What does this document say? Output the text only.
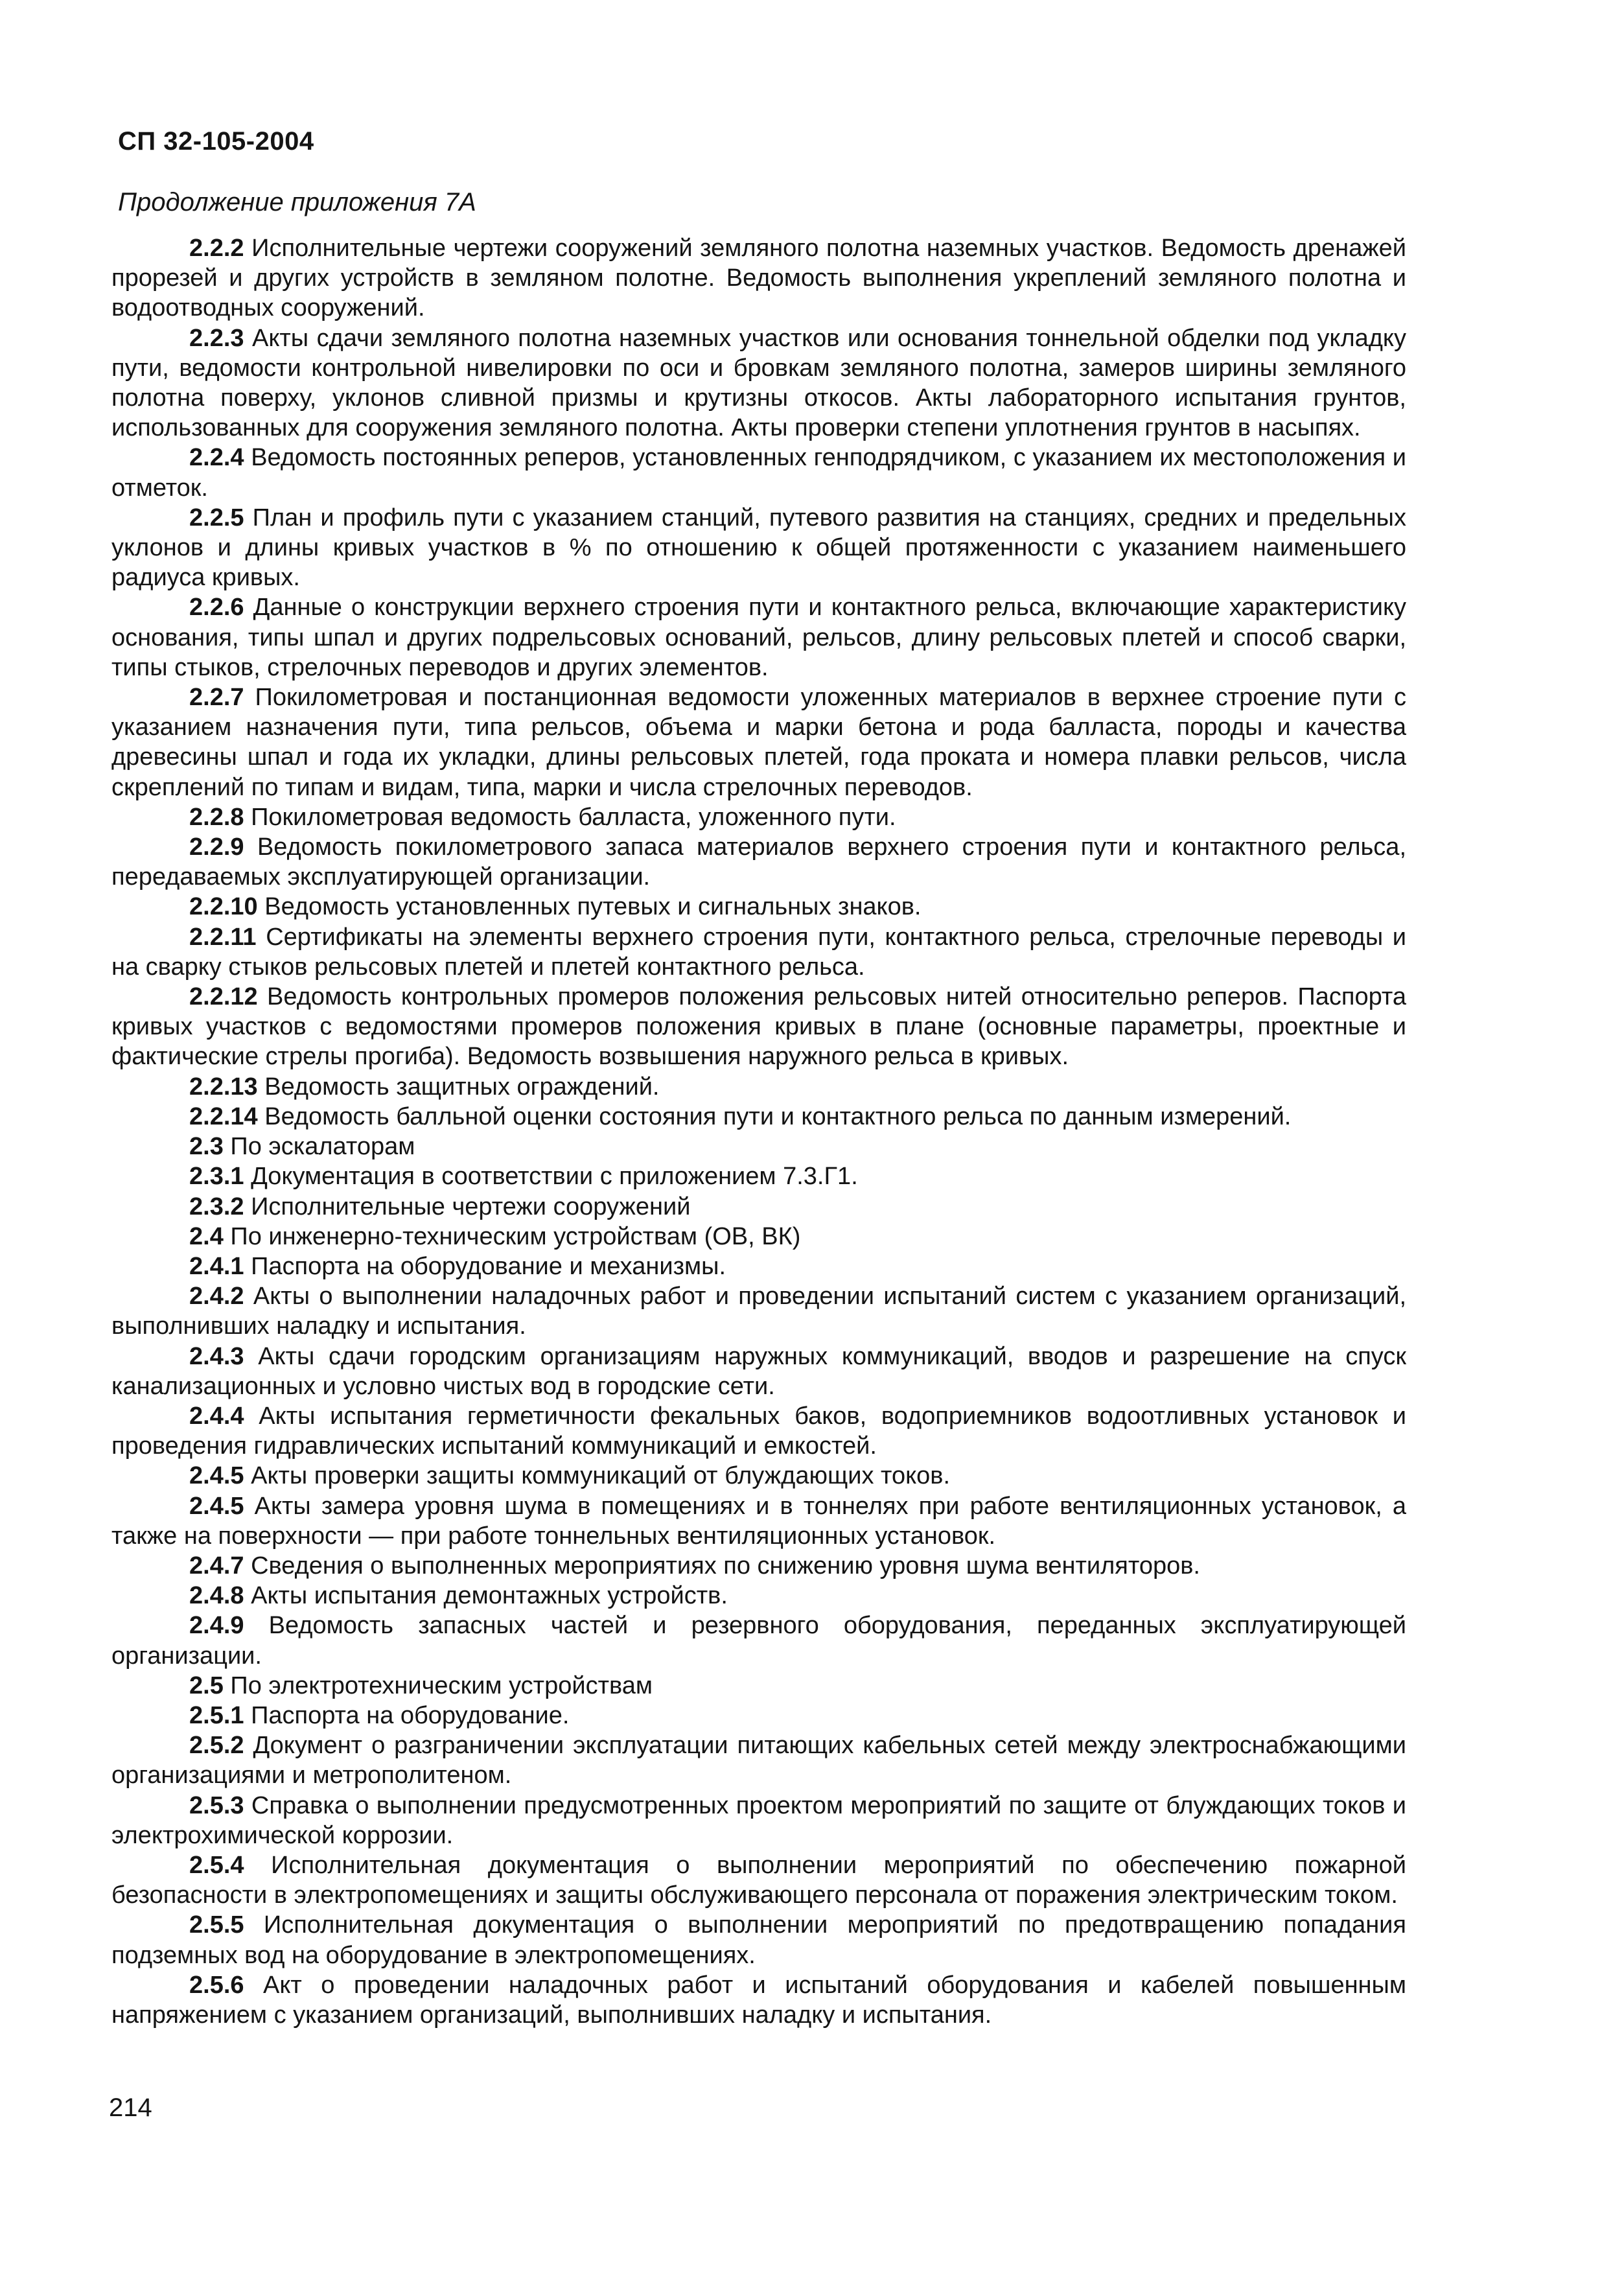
СП 32-105-2004

Продолжение приложения 7А

2.2.2 Исполнительные чертежи сооружений земляного полотна наземных участков. Ведомость дренажей прорезей и других устройств в земляном полотне. Ведомость выполнения укреплений земляного полотна и водоотводных сооружений.

2.2.3 Акты сдачи земляного полотна наземных участков или основания тоннельной обделки под укладку пути, ведомости контрольной нивелировки по оси и бровкам земляного полотна, замеров ширины земляного полотна поверху, уклонов сливной призмы и крутизны откосов. Акты лабораторного испытания грунтов, использованных для сооружения земляного полотна. Акты проверки степени уплотнения грунтов в насыпях.

2.2.4 Ведомость постоянных реперов, установленных генподрядчиком, с указанием их местоположения и отметок.

2.2.5 План и профиль пути с указанием станций, путевого развития на станциях, средних и предельных уклонов и длины кривых участков в % по отношению к общей протяженности с указанием наименьшего радиуса кривых.

2.2.6 Данные о конструкции верхнего строения пути и контактного рельса, включающие характеристику основания, типы шпал и других подрельсовых оснований, рельсов, длину рельсовых плетей и способ сварки, типы стыков, стрелочных переводов и других элементов.

2.2.7 Покилометровая и постанционная ведомости уложенных материалов в верхнее строение пути с указанием назначения пути, типа рельсов, объема и марки бетона и рода балласта, породы и качества древесины шпал и года их укладки, длины рельсовых плетей, года проката и номера плавки рельсов, числа скреплений по типам и видам, типа, марки и числа стрелочных переводов.

2.2.8 Покилометровая ведомость балласта, уложенного пути.

2.2.9 Ведомость покилометрового запаса материалов верхнего строения пути и контактного рельса, передаваемых эксплуатирующей организации.

2.2.10 Ведомость установленных путевых и сигнальных знаков.

2.2.11 Сертификаты на элементы верхнего строения пути, контактного рельса, стрелочные переводы и на сварку стыков рельсовых плетей и плетей контактного рельса.

2.2.12 Ведомость контрольных промеров положения рельсовых нитей относительно реперов. Паспорта кривых участков с ведомостями промеров положения кривых в плане (основные параметры, проектные и фактические стрелы прогиба). Ведомость возвышения наружного рельса в кривых.

2.2.13 Ведомость защитных ограждений.

2.2.14 Ведомость балльной оценки состояния пути и контактного рельса по данным измерений.

2.3 По эскалаторам

2.3.1 Документация в соответствии с приложением 7.3.Г1.

2.3.2 Исполнительные чертежи сооружений

2.4 По инженерно-техническим устройствам (ОВ, ВК)

2.4.1 Паспорта на оборудование и механизмы.

2.4.2 Акты о выполнении наладочных работ и проведении испытаний систем с указанием организаций, выполнивших наладку и испытания.

2.4.3 Акты сдачи городским организациям наружных коммуникаций, вводов и разрешение на спуск канализационных и условно чистых вод в городские сети.

2.4.4 Акты испытания герметичности фекальных баков, водоприемников водоотливных установок и проведения гидравлических испытаний коммуникаций и емкостей.

2.4.5 Акты проверки защиты коммуникаций от блуждающих токов.

2.4.5 Акты замера уровня шума в помещениях и в тоннелях при работе вентиляционных установок, а также на поверхности — при работе тоннельных вентиляционных установок.

2.4.7 Сведения о выполненных мероприятиях по снижению уровня шума вентиляторов.

2.4.8 Акты испытания демонтажных устройств.

2.4.9 Ведомость запасных частей и резервного оборудования, переданных эксплуатирующей организации.

2.5 По электротехническим устройствам

2.5.1 Паспорта на оборудование.

2.5.2 Документ о разграничении эксплуатации питающих кабельных сетей между электроснабжающими организациями и метрополитеном.

2.5.3 Справка о выполнении предусмотренных проектом мероприятий по защите от блуждающих токов и электрохимической коррозии.

2.5.4 Исполнительная документация о выполнении мероприятий по обеспечению пожарной безопасности в электропомещениях и защиты обслуживающего персонала от поражения электрическим током.

2.5.5 Исполнительная документация о выполнении мероприятий по предотвращению попадания подземных вод на оборудование в электропомещениях.

2.5.6 Акт о проведении наладочных работ и испытаний оборудования и кабелей повышенным напряжением с указанием организаций, выполнивших наладку и испытания.

214
